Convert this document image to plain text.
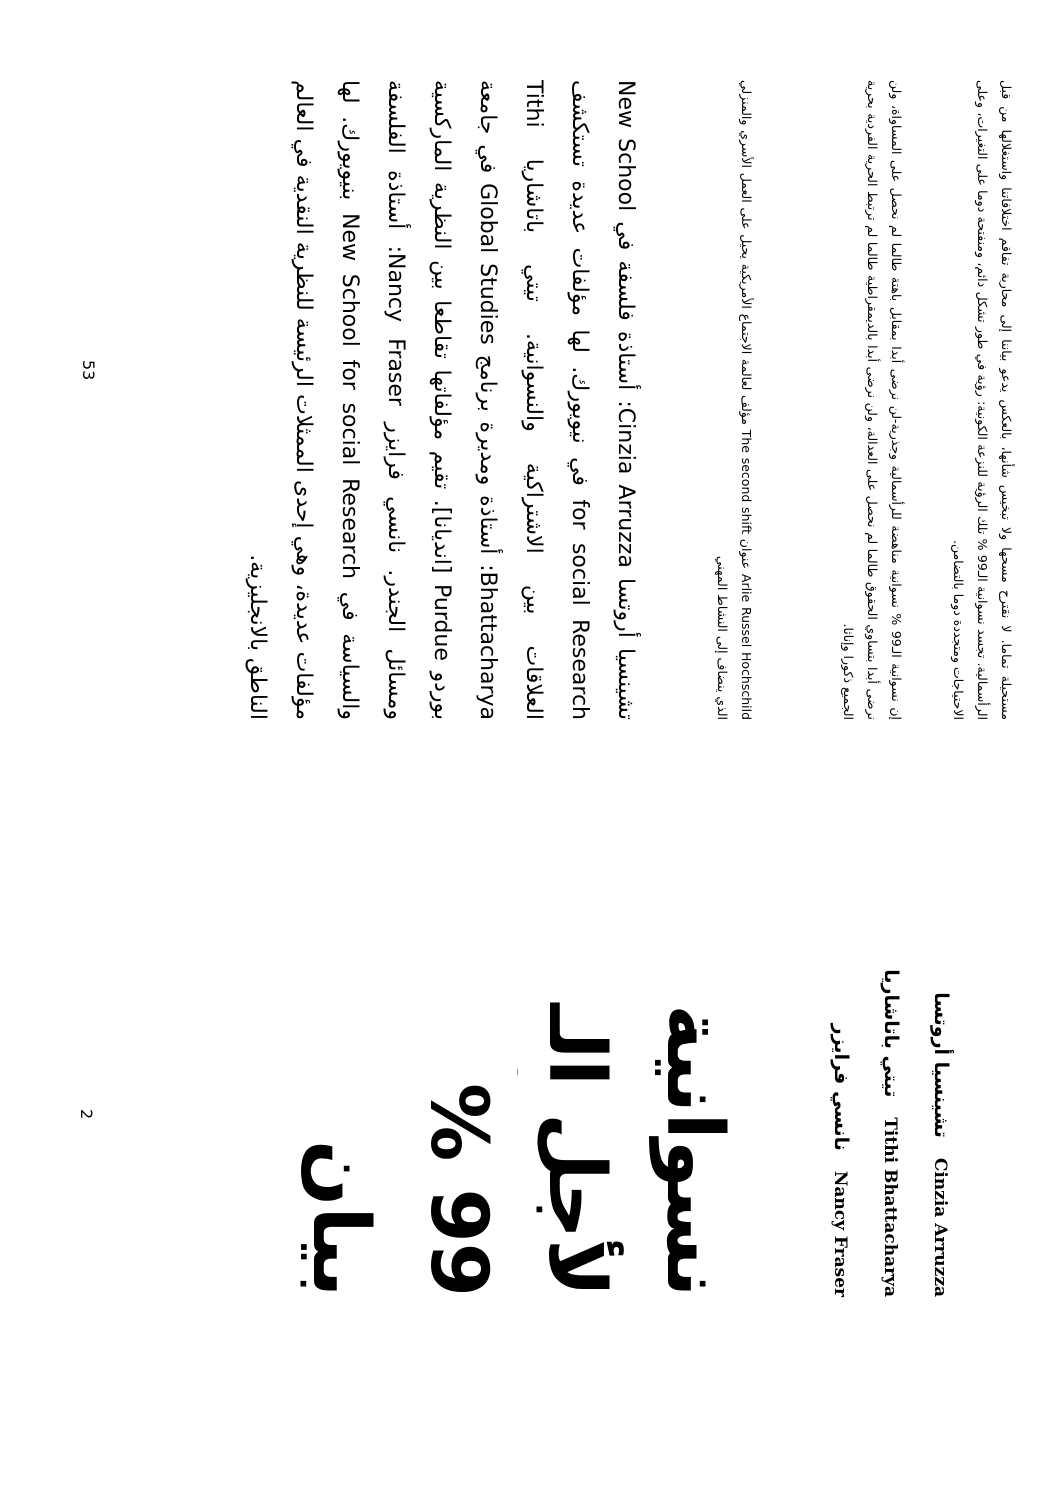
مستحيلة تماما. لا نقترح مسحها ولا تبخيس شأنها، بالعكس يدعو بياننا إلى محاربة تفاقم اختلافاتنا واستغلالها من قبل الرأسمالية. تجسد نسوانية الـ99 % تلك الرؤية للنزعة الكونية: رؤية في طور تشكل دائم، ومنفتحة دوما على التغيرات، وعلى الاحتياجات ومتجددة دوما بالتضامن.
إن نسوانية الـ99 % نسوانية مناهضة للرأسمالية وجذرية-لن نرضى أبدا بمقابل باهتة طالما لم نحصل على المساواة، ولن نرضى أبدا بتساوي الحقوق طالما لم نحصل على العدالة، ولن نرضى أبدا بالديمقراطية طالما لم ترتبط الحرية الفردية بحرية الجميع ذكورا وإناثا.
Arlie Russel Hochschild عنوان The second shift مؤلف لعالمة الاجتماع الأمريكية يحيل على العمل الأسري والمنزلي الذي ينضاف إلى النشاط المهني
تشينسيا أروتسا Cinzia Arruzza: أستاذة فلسفة في New School for social Research في نيويورك. لها مؤلفات عديدة تستكشف العلاقات بين الاشتراكية والنسوانية. تيتي باتاشاريا Tithi Bhattacharya: أستاذة ومديرة برنامج Global Studies في جامعة بوردو Purdue [انديانا]. تقيم مؤلفاتها تقاطعا بين النظرية الماركسية ومسائل الجندر. نانسي فرايزر Nancy Fraser: أستاذة الفلسفة والسياسة في New School for social Research بنيويورك. لها مؤلفات عديدة، وهي إحدى الممثلات الرئيسة للنظرية النقدية في العالم الناطق بالانجليزية.
53
تشينسيا أروتسا Cinzia Arruzza
تيتي باتاشاريا Tithi Bhattacharya
نانسي فرايزر Nancy Fraser
نسوانية
لأجل الـ
99 %
بيان
2
